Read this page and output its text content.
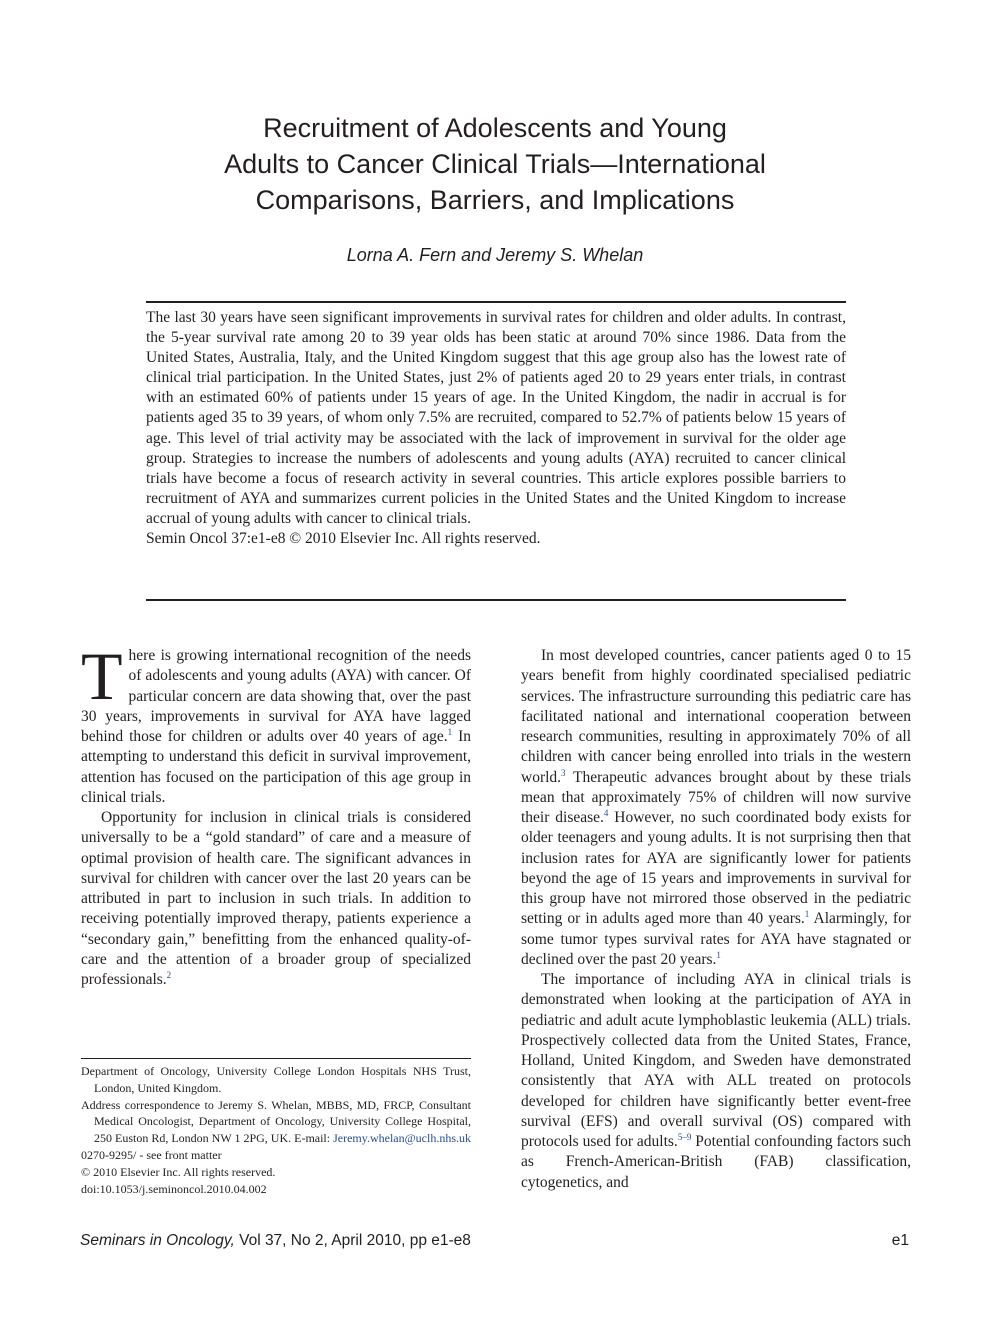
Recruitment of Adolescents and Young
Adults to Cancer Clinical Trials—International
Comparisons, Barriers, and Implications
Lorna A. Fern and Jeremy S. Whelan
The last 30 years have seen significant improvements in survival rates for children and older adults. In contrast, the 5-year survival rate among 20 to 39 year olds has been static at around 70% since 1986. Data from the United States, Australia, Italy, and the United Kingdom suggest that this age group also has the lowest rate of clinical trial participation. In the United States, just 2% of patients aged 20 to 29 years enter trials, in contrast with an estimated 60% of patients under 15 years of age. In the United Kingdom, the nadir in accrual is for patients aged 35 to 39 years, of whom only 7.5% are recruited, compared to 52.7% of patients below 15 years of age. This level of trial activity may be associated with the lack of improvement in survival for the older age group. Strategies to increase the numbers of adolescents and young adults (AYA) recruited to cancer clinical trials have become a focus of research activity in several countries. This article explores possible barriers to recruitment of AYA and summarizes current policies in the United States and the United Kingdom to increase accrual of young adults with cancer to clinical trials.
Semin Oncol 37:e1-e8 © 2010 Elsevier Inc. All rights reserved.

There is growing international recognition of the needs of adolescents and young adults (AYA) with cancer. Of particular concern are data showing that, over the past 30 years, improvements in survival for AYA have lagged behind those for children or adults over 40 years of age.$^1$ In attempting to understand this deficit in survival improvement, attention has focused on the participation of this age group in clinical trials.

Opportunity for inclusion in clinical trials is considered universally to be a “gold standard” of care and a measure of optimal provision of health care. The significant advances in survival for children with cancer over the last 20 years can be attributed in part to inclusion in such trials. In addition to receiving potentially improved therapy, patients experience a “secondary gain,” benefitting from the enhanced quality-of-care and the attention of a broader group of specialized professionals.$^2$

In most developed countries, cancer patients aged 0 to 15 years benefit from highly coordinated specialised pediatric services. The infrastructure surrounding this pediatric care has facilitated national and international cooperation between research communities, resulting in approximately 70% of all children with cancer being enrolled into trials in the western world.$^3$ Therapeutic advances brought about by these trials mean that approximately 75% of children will now survive their disease.$^4$ However, no such coordinated body exists for older teenagers and young adults. It is not surprising then that inclusion rates for AYA are significantly lower for patients beyond the age of 15 years and improvements in survival for this group have not mirrored those observed in the pediatric setting or in adults aged more than 40 years.$^1$ Alarmingly, for some tumor types survival rates for AYA have stagnated or declined over the past 20 years.$^1$

The importance of including AYA in clinical trials is demonstrated when looking at the participation of AYA in pediatric and adult acute lymphoblastic leukemia (ALL) trials. Prospectively collected data from the United States, France, Holland, United Kingdom, and Sweden have demonstrated consistently that AYA with ALL treated on protocols developed for children have significantly better event-free survival (EFS) and overall survival (OS) compared with protocols used for adults.$^{5-9}$ Potential confounding factors such as French-American-British (FAB) classification, cytogenetics, and

Department of Oncology, University College London Hospitals NHS Trust, London, United Kingdom.
Address correspondence to Jeremy S. Whelan, MBBS, MD, FRCP, Consultant Medical Oncologist, Department of Oncology, University College Hospital, 250 Euston Rd, London NW 1 2PG, UK. E-mail: Jeremy.whelan@uclh.nhs.uk
0270-9295/ - see front matter
© 2010 Elsevier Inc. All rights reserved.
doi:10.1053/j.seminoncol.2010.04.002
Seminars in Oncology, Vol 37, No 2, April 2010, pp e1-e8	e1
